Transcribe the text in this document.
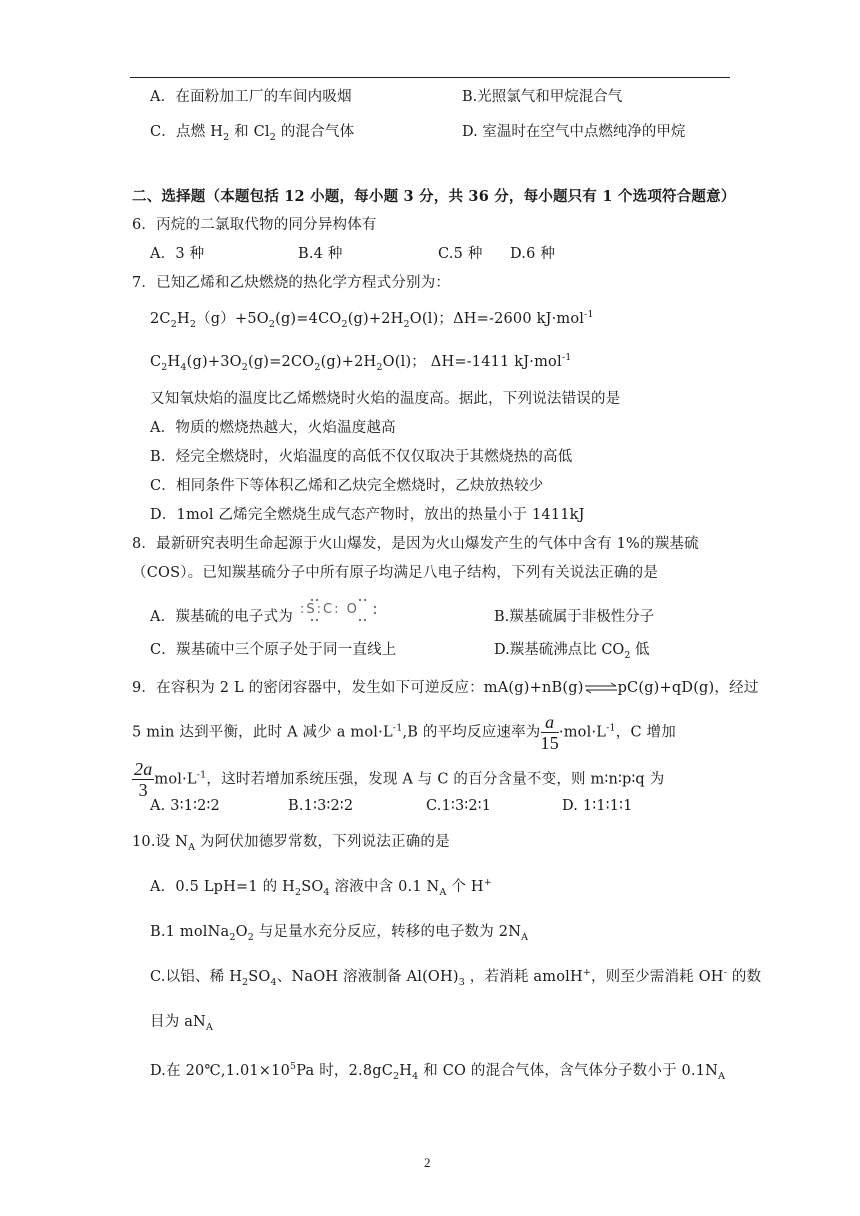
A．在面粉加工厂的车间内吸烟	B.光照氯气和甲烷混合气
C．点燃 $H_2$ 和 $Cl_2$ 的混合气体	D. 室温时在空气中点燃纯净的甲烷
二、选择题（本题包括 12 小题，每小题 3 分，共 36 分，每小题只有 1 个选项符合题意）
6．丙烷的二氯取代物的同分异构体有
A．3 种	B.4 种	C.5 种 D.6 种
7．已知乙烯和乙炔燃烧的热化学方程式分别为：
$2C_2H_2(g)+5O_2(g)=4CO_2(g)+2H_2O(l)$；ΔH=-2600 kJ·mol$^{-1}$
$C_2H_4(g)+3O_2(g)=2CO_2(g)+2H_2O(l)$； ΔH=-1411 kJ·mol$^{-1}$
又知氧炔焰的温度比乙烯燃烧时火焰的温度高。据此，下列说法错误的是
A．物质的燃烧热越大，火焰温度越高
B．烃完全燃烧时，火焰温度的高低不仅仅取决于其燃烧热的高低
C．相同条件下等体积乙烯和乙炔完全燃烧时，乙炔放热较少
D．1mol 乙烯完全燃烧生成气态产物时，放出的热量小于 1411kJ
8．最新研究表明生命起源于火山爆发，是因为火山爆发产生的气体中含有 1%的羰基硫
（COS）。已知羰基硫分子中所有原子均满足八电子结构，下列有关说法正确的是
A．羰基硫的电子式为 :S:C: O	B.羰基硫属于非极性分子
C．羰基硫中三个原子处于同一直线上	D.羰基硫沸点比 $CO_2$ 低
9．在容积为 2 L 的密闭容器中，发生如下可逆反应：mA(g)+nB(g)⇌pC(g)+qD(g)，经过
5 min 达到平衡，此时 A 减少 a $mol\cdot L^{-1},B$ 的平均反应速率为 $\frac{a}{15} \cdot mol\cdot L^{-1}$，C 增加
$\frac{2a}{3} mol\cdot L^{-1}$，这时若增加系统压强，发现 A 与 C 的百分含量不变，则 m∶n∶p∶q 为
A. 3∶1∶2∶2	B.1∶3∶2∶2	C.1∶3∶2∶1	D. 1∶1∶1∶1
10.设 $N_A$ 为阿伏加德罗常数，下列说法正确的是
A．0.5 LpH=1 的 $H_2SO_4$ 溶液中含 0.1 $N_A$ 个 H+
B.1 $molNa_2O_2$ 与足量水充分反应，转移的电子数为 $2N_A$
C.以铝、稀 $H_2SO_4$、NaOH 溶液制备 $Al(OH)_3$ ，若消耗 amolH+，则至少需消耗 OH- 的数
目为 $aN_A$
D.在 $20℃,1.01\times 10^5Pa$ 时，$2.8gC_2H_4$ 和 CO 的混合气体，含气体分子数小于 $0.1N_A$
2
